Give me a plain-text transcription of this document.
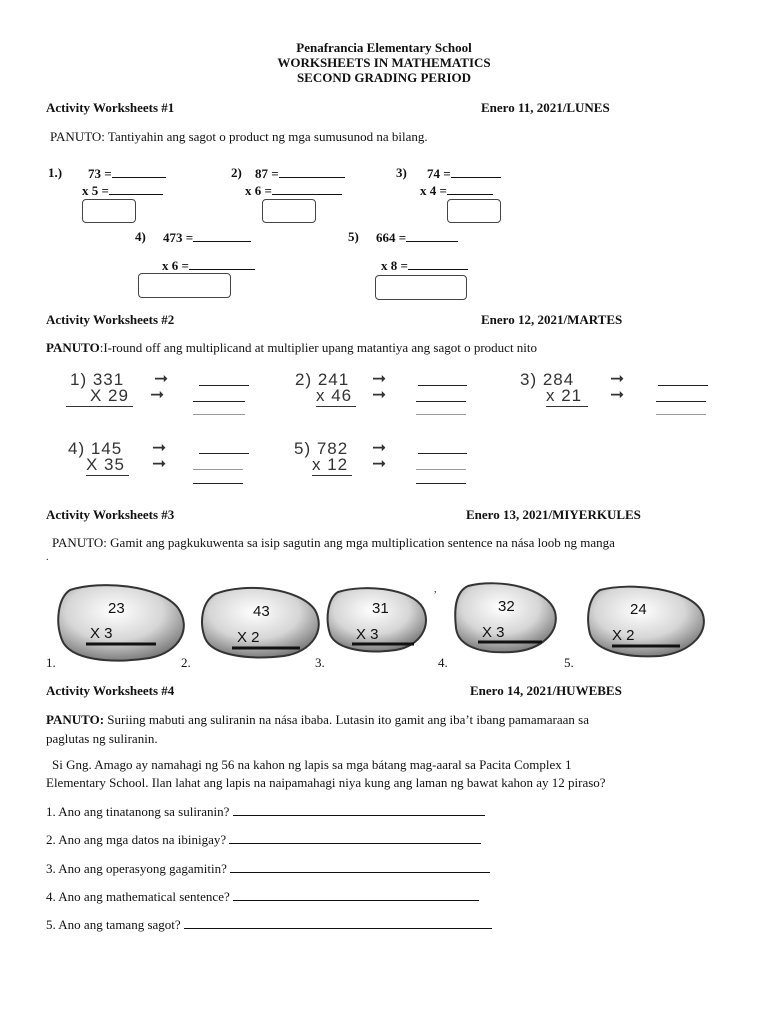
Penafrancia Elementary School
WORKSHEETS IN MATHEMATICS
SECOND GRADING PERIOD
Activity Worksheets #1	Enero 11, 2021/LUNES
PANUTO: Tantiyahin ang sagot o product ng mga sumusunod na bilang.
1.) 73 =
x 5 =
2) 87 =
x 6 =
3) 74 =
x 4 =
4) 473 =
x 6 =
5) 664 =
x 8 =
Activity Worksheets #2	Enero 12, 2021/MARTES
PANUTO:I-round off ang multiplicand at multiplier upang matantiya ang sagot o product nito
1) 331 ➞
X 29 ➞
2) 241 ➞
x 46 ➞
3) 284 ➞
x 21	➞
4) 145 ➞
X 35 ➞
5) 782 ➞
x 12 ➞
Activity Worksheets #3	Enero 13, 2021/MIYERKULES
PANUTO: Gamit ang pagkukuwenta sa isip sagutin ang mga multiplication sentence na nása loob ng manga
.
,
23
X 3
43
X 2
31
X 3
32
X 3
24
X 2
1.	2.	3.	4.	5.
Activity Worksheets #4	Enero 14, 2021/HUWEBES
PANUTO: Suriing mabuti ang suliranin na nása ibaba. Lutasin ito gamit ang iba’t ibang pamamaraan sa
paglutas ng suliranin.
Si Gng. Amago ay namahagi ng 56 na kahon ng lapis sa mga bátang mag-aaral sa Pacita Complex 1
Elementary School. Ilan lahat ang lapis na naipamahagi niya kung ang laman ng bawat kahon ay 12 piraso?
1. Ano ang tinatanong sa suliranin?
2. Ano ang mga datos na ibinigay?
3. Ano ang operasyong gagamitin?
4. Ano ang mathematical sentence?
5. Ano ang tamang sagot?
